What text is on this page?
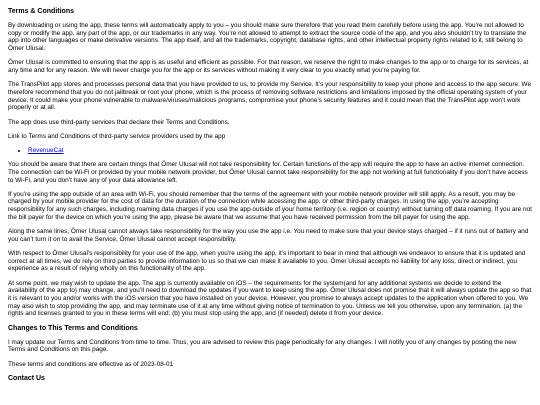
Terms & Conditions

By downloading or using the app, these terms will automatically apply to you – you should make sure therefore that you read them carefully before using the app. You’re not allowed to copy or modify the app, any part of the app, or our trademarks in any way. You’re not allowed to attempt to extract the source code of the app, and you also shouldn’t try to translate the app into other languages or make derivative versions. The app itself, and all the trademarks, copyright, database rights, and other intellectual property rights related to it, still belong to Ömer Ulusal.

Ömer Ulusal is committed to ensuring that the app is as useful and efficient as possible. For that reason, we reserve the right to make changes to the app or to charge for its services, at any time and for any reason. We will never charge you for the app or its services without making it very clear to you exactly what you’re paying for.

The TransPilot app stores and processes personal data that you have provided to us, to provide my Service. It’s your responsibility to keep your phone and access to the app secure. We therefore recommend that you do not jailbreak or root your phone, which is the process of removing software restrictions and limitations imposed by the official operating system of your device. It could make your phone vulnerable to malware/viruses/malicious programs, compromise your phone’s security features and it could mean that the TransPilot app won’t work properly or at all.

The app does use third-party services that declare their Terms and Conditions.

Link to Terms and Conditions of third-party service providers used by the app

• RevenueCat

You should be aware that there are certain things that Ömer Ulusal will not take responsibility for. Certain functions of the app will require the app to have an active internet connection. The connection can be Wi-Fi or provided by your mobile network provider, but Ömer Ulusal cannot take responsibility for the app not working at full functionality if you don’t have access to Wi-Fi, and you don’t have any of your data allowance left.

If you’re using the app outside of an area with Wi-Fi, you should remember that the terms of the agreement with your mobile network provider will still apply. As a result, you may be charged by your mobile provider for the cost of data for the duration of the connection while accessing the app, or other third-party charges. In using the app, you’re accepting responsibility for any such charges, including roaming data charges if you use the app outside of your home territory (i.e. region or country) without turning off data roaming. If you are not the bill payer for the device on which you’re using the app, please be aware that we assume that you have received permission from the bill payer for using the app.

Along the same lines, Ömer Ulusal cannot always take responsibility for the way you use the app i.e. You need to make sure that your device stays charged – if it runs out of battery and you can’t turn it on to avail the Service, Ömer Ulusal cannot accept responsibility.

With respect to Ömer Ulusal’s responsibility for your use of the app, when you’re using the app, it’s important to bear in mind that although we endeavor to ensure that it is updated and correct at all times, we do rely on third parties to provide information to us so that we can make it available to you. Ömer Ulusal accepts no liability for any loss, direct or indirect, you experience as a result of relying wholly on this functionality of the app.

At some point, we may wish to update the app. The app is currently available on iOS – the requirements for the system(and for any additional systems we decide to extend the availability of the app to) may change, and you’ll need to download the updates if you want to keep using the app. Ömer Ulusal does not promise that it will always update the app so that it is relevant to you and/or works with the iOS version that you have installed on your device. However, you promise to always accept updates to the application when offered to you, We may also wish to stop providing the app, and may terminate use of it at any time without giving notice of termination to you. Unless we tell you otherwise, upon any termination, (a) the rights and licenses granted to you in these terms will end; (b) you must stop using the app, and (if needed) delete it from your device.

Changes to This Terms and Conditions

I may update our Terms and Conditions from time to time. Thus, you are advised to review this page periodically for any changes. I will notify you of any changes by posting the new Terms and Conditions on this page.

These terms and conditions are effective as of 2023-08-01

Contact Us
